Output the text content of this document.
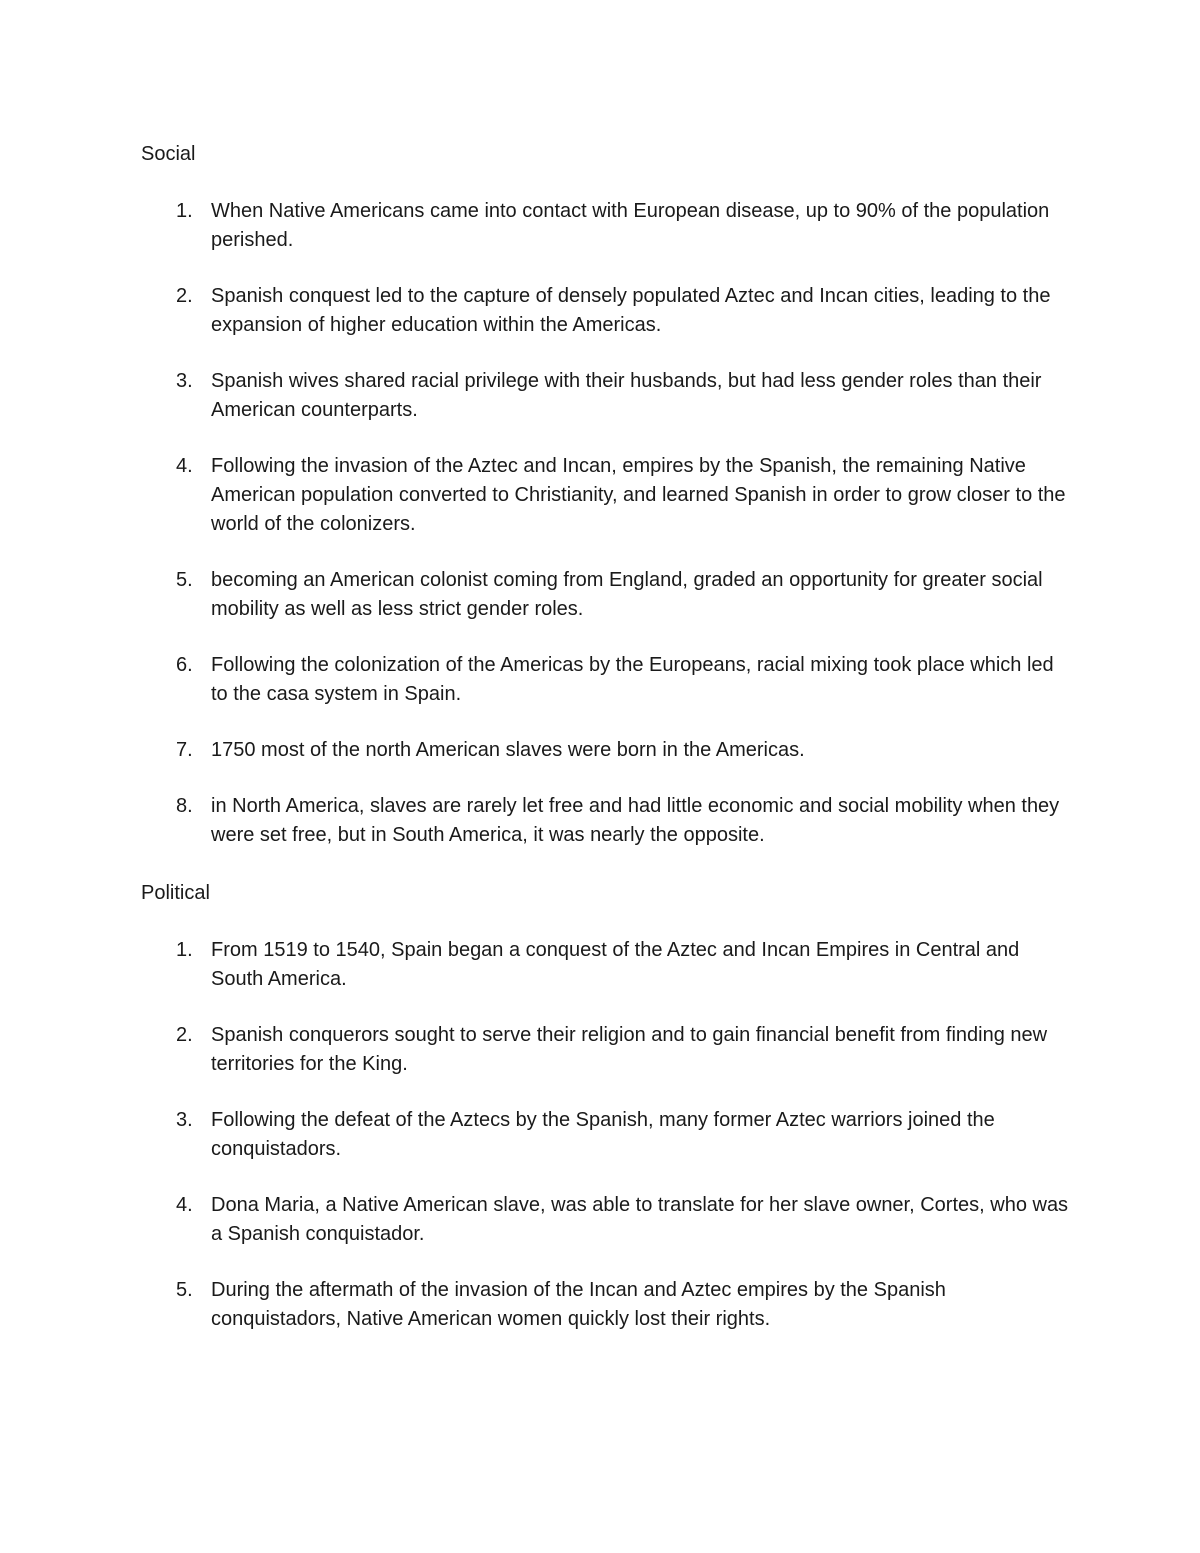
Social
1. When Native Americans came into contact with European disease, up to 90% of the population perished.
2. Spanish conquest led to the capture of densely populated Aztec and Incan cities, leading to the expansion of higher education within the Americas.
3. Spanish wives shared racial privilege with their husbands, but had less gender roles than their American counterparts.
4. Following the invasion of the Aztec and Incan, empires by the Spanish, the remaining Native American population converted to Christianity, and learned Spanish in order to grow closer to the world of the colonizers.
5. becoming an American colonist coming from England, graded an opportunity for greater social mobility as well as less strict gender roles.
6. Following the colonization of the Americas by the Europeans, racial mixing took place which led to the casa system in Spain.
7. 1750 most of the north American slaves were born in the Americas.
8. in North America, slaves are rarely let free and had little economic and social mobility when they were set free, but in South America, it was nearly the opposite.
Political
1. From 1519 to 1540, Spain began a conquest of the Aztec and Incan Empires in Central and South America.
2. Spanish conquerors sought to serve their religion and to gain financial benefit from finding new territories for the King.
3. Following the defeat of the Aztecs by the Spanish, many former Aztec warriors joined the conquistadors.
4. Dona Maria, a Native American slave, was able to translate for her slave owner, Cortes, who was a Spanish conquistador.
5. During the aftermath of the invasion of the Incan and Aztec empires by the Spanish conquistadors, Native American women quickly lost their rights.
